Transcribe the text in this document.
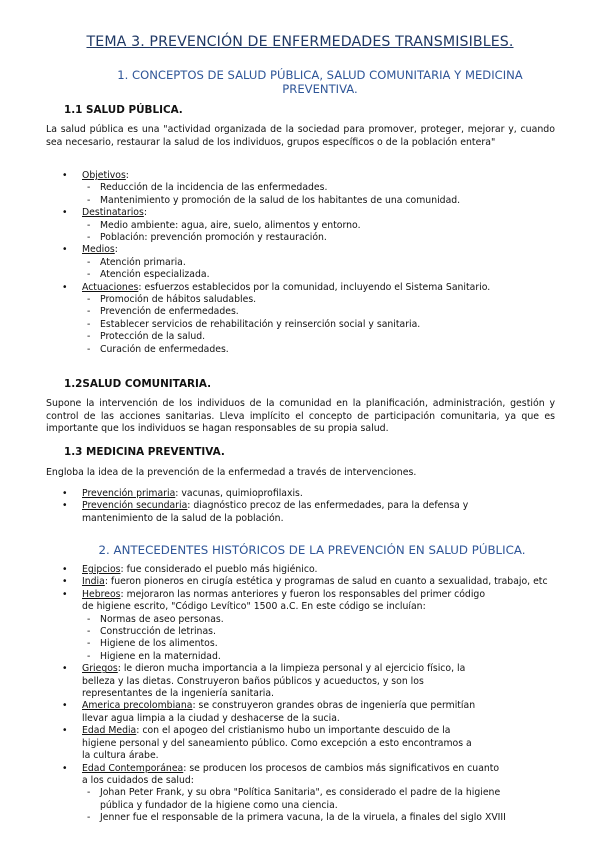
TEMA 3. PREVENCIÓN DE ENFERMEDADES TRANSMISIBLES.
1. CONCEPTOS DE SALUD PÚBLICA, SALUD COMUNITARIA Y MEDICINA
PREVENTIVA.
1.1 SALUD PÚBLICA.
La salud pública es una "actividad organizada de la sociedad para promover, proteger, mejorar y, cuando sea necesario, restaurar la salud de los individuos, grupos específicos o de la población entera"
• Objetivos:
- Reducción de la incidencia de las enfermedades.
- Mantenimiento y promoción de la salud de los habitantes de una comunidad.
• Destinatarios:
- Medio ambiente: agua, aire, suelo, alimentos y entorno.
- Población: prevención promoción y restauración.
• Medios:
- Atención primaria.
- Atención especializada.
• Actuaciones: esfuerzos establecidos por la comunidad, incluyendo el Sistema Sanitario.
- Promoción de hábitos saludables.
- Prevención de enfermedades.
- Establecer servicios de rehabilitación y reinserción social y sanitaria.
- Protección de la salud.
- Curación de enfermedades.
1.2SALUD COMUNITARIA.
Supone la intervención de los individuos de la comunidad en la planificación, administración, gestión y control de las acciones sanitarias. Lleva implícito el concepto de participación comunitaria, ya que es importante que los individuos se hagan responsables de su propia salud.
1.3 MEDICINA PREVENTIVA.
Engloba la idea de la prevención de la enfermedad a través de intervenciones.
• Prevención primaria: vacunas, quimioprofilaxis.
• Prevención secundaria: diagnóstico precoz de las enfermedades, para la defensa y
mantenimiento de la salud de la población.
2. ANTECEDENTES HISTÓRICOS DE LA PREVENCIÓN EN SALUD PÚBLICA.
• Egipcios: fue considerado el pueblo más higiénico.
• India: fueron pioneros en cirugía estética y programas de salud en cuanto a sexualidad, trabajo, etc
• Hebreos: mejoraron las normas anteriores y fueron los responsables del primer código
de higiene escrito, "Código Levítico" 1500 a.C. En este código se incluían:
- Normas de aseo personas.
- Construcción de letrinas.
- Higiene de los alimentos.
- Higiene en la maternidad.
• Griegos: le dieron mucha importancia a la limpieza personal y al ejercicio físico, la
belleza y las dietas. Construyeron baños públicos y acueductos, y son los
representantes de la ingeniería sanitaria.
• America precolombiana: se construyeron grandes obras de ingeniería que permitían
llevar agua limpia a la ciudad y deshacerse de la sucia.
• Edad Media: con el apogeo del cristianismo hubo un importante descuido de la
higiene personal y del saneamiento público. Como excepción a esto encontramos a
la cultura árabe.
• Edad Contemporánea: se producen los procesos de cambios más significativos en cuanto
a los cuidados de salud:
- Johan Peter Frank, y su obra "Política Sanitaria", es considerado el padre de la higiene
pública y fundador de la higiene como una ciencia.
- Jenner fue el responsable de la primera vacuna, la de la viruela, a finales del siglo XVIII
